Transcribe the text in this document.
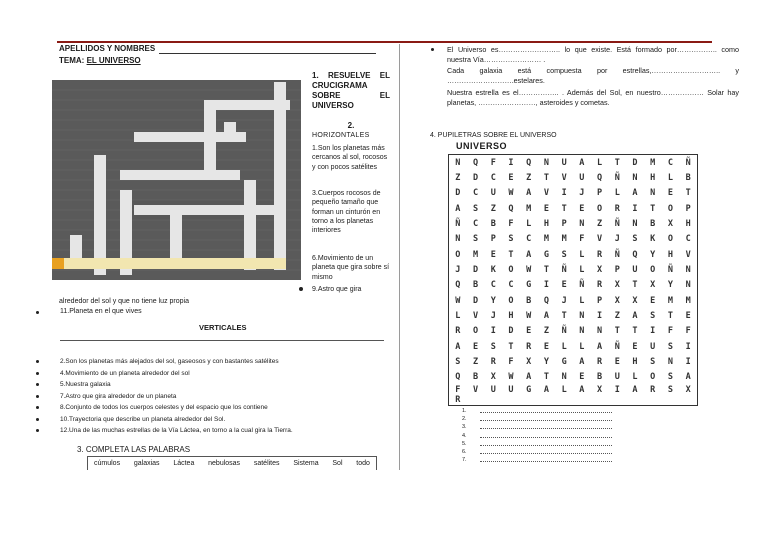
APELLIDOS Y NOMBRES
TEMA: EL UNIVERSO
1. RESUELVE EL CRUCIGRAMA SOBRE EL UNIVERSO
2.
HORIZONTALES
1.Son los planetas más cercanos al sol, rocosos y con pocos satélites
3.Cuerpos rocosos de pequeño tamaño que forman un cinturón en torno a los planetas interiores
6.Movimiento de un planeta que gira sobre sí mismo
9.Astro que gira
alrededor del sol y que no tiene luz propia
11.Planeta en el que vives
VERTICALES
2.Son los planetas más alejados del sol, gaseosos y con bastantes satélites
4.Movimiento de un planeta alrededor del sol
5.Nuestra galaxia
7.Astro que gira alrededor de un planeta
8.Conjunto de todos los cuerpos celestes y del espacio que los contiene
10.Trayectoria que describe un planeta alrededor del Sol.
12.Una de las muchas estrellas de la Vía Láctea, en torno a la cual gira la Tierra.
3. COMPLETA LAS PALABRAS
cúmulos galaxias Láctea nebulosas satélites Sistema Sol todo
El Universo es…………………….. lo que existe. Está formado por…………….. como nuestra Vía…………………… .
Cada galaxia está compuesta por estrellas,……………………….. y ……………………….estelares.
Nuestra estrella es el…………….. . Además del Sol, en nuestro……………… Solar hay planetas, ……………………, asteroides y cometas.
4. PUPILETRAS SOBRE EL UNIVERSO
UNIVERSO
N	Q	F	I	Q	N	U	A	L	T	D	M	C	Ñ
Z	D	C	E	Z	T	V	U	Q	Ñ	N	H	L	B
D	C	U	W	A	V	I	J	P	L	A	N	E	T
A	S	Z	Q	M	E	T	E	O	R	I	T	O	P
Ñ	C	B	F	L	H	P	N	Z	Ñ	N	B	X	H
N	S	P	S	C	M	M	F	V	J	S	K	O	C
O	M	E	T	A	G	S	L	R	Ñ	Q	Y	H	V
J	D	K	O	W	T	Ñ	L	X	P	U	O	Ñ	N
Q	B	C	C	G	I	E	Ñ	R	X	T	X	Y	N
W	D	Y	O	B	Q	J	L	P	X	X	E	M	M
L	V	J	H	W	A	T	N	I	Z	A	S	T	E
R	O	I	D	E	Z	Ñ	N	N	T	T	I	F	F
A	E	S	T	R	E	L	L	A	Ñ	E	U	S	I
S	Z	R	F	X	Y	G	A	R	E	H	S	N	I
Q	B	X	W	A	T	N	E	B	U	L	O	S	A
F	V	U	U	G	A	L	A	X	I	A	R	S	X
R
1.
2.
3.
4.
5.
6.
7.
